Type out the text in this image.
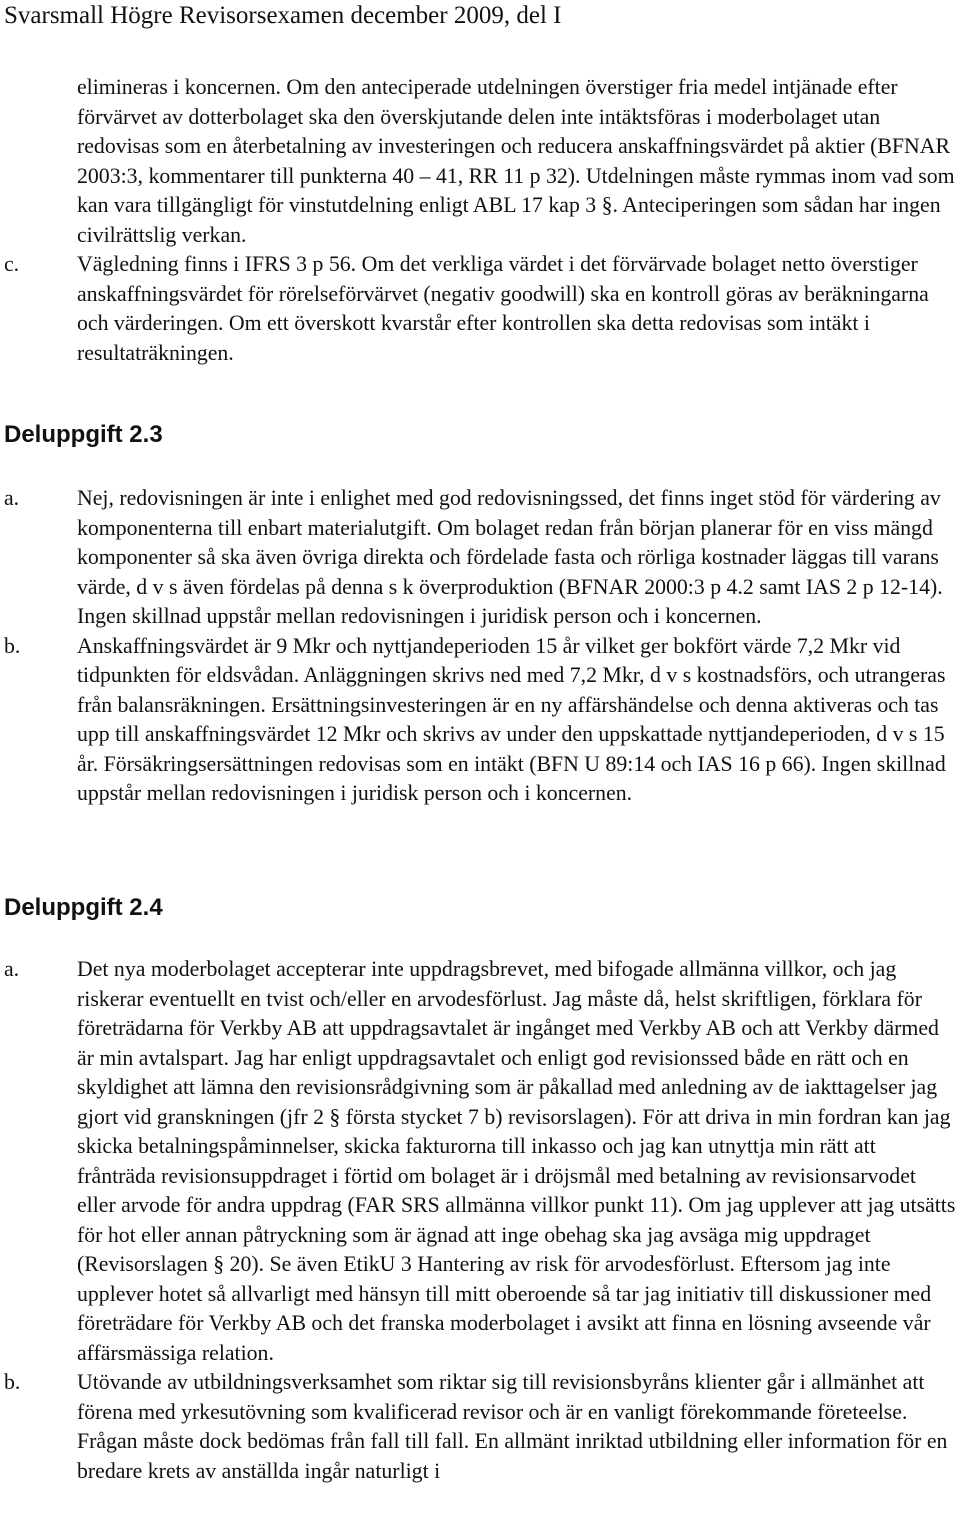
Svarsmall Högre Revisorsexamen december 2009, del I

elimineras i koncernen. Om den anteciperade utdelningen överstiger fria medel intjänade efter förvärvet av dotterbolaget ska den överskjutande delen inte intäktsföras i moderbolaget utan redovisas som en återbetalning av investeringen och reducera anskaffningsvärdet på aktier (BFNAR 2003:3, kommentarer till punkterna 40 – 41, RR 11 p 32). Utdelningen måste rymmas inom vad som kan vara tillgängligt för vinstutdelning enligt ABL 17 kap 3 §. Anteciperingen som sådan har ingen civilrättslig verkan.

c.	Vägledning finns i IFRS 3 p 56. Om det verkliga värdet i det förvärvade bolaget netto överstiger anskaffningsvärdet för rörelseförvärvet (negativ goodwill) ska en kontroll göras av beräkningarna och värderingen. Om ett överskott kvarstår efter kontrollen ska detta redovisas som intäkt i resultaträkningen.

Deluppgift 2.3
a.	Nej, redovisningen är inte i enlighet med god redovisningssed, det finns inget stöd för värdering av komponenterna till enbart materialutgift. Om bolaget redan från början planerar för en viss mängd komponenter så ska även övriga direkta och fördelade fasta och rörliga kostnader läggas till varans värde, d v s även fördelas på denna s k överproduktion (BFNAR 2000:3 p 4.2 samt IAS 2 p 12-14). Ingen skillnad uppstår mellan redovisningen i juridisk person och i koncernen.

b.	Anskaffningsvärdet är 9 Mkr och nyttjandeperioden 15 år vilket ger bokfört värde 7,2 Mkr vid tidpunkten för eldsvådan. Anläggningen skrivs ned med 7,2 Mkr, d v s kostnadsförs, och utrangeras från balansräkningen. Ersättningsinvesteringen är en ny affärshändelse och denna aktiveras och tas upp till anskaffningsvärdet 12 Mkr och skrivs av under den uppskattade nyttjandeperioden, d v s 15 år. Försäkringsersättningen redovisas som en intäkt (BFN U 89:14 och IAS 16 p 66). Ingen skillnad uppstår mellan redovisningen i juridisk person och i koncernen.

Deluppgift 2.4
a.	Det nya moderbolaget accepterar inte uppdragsbrevet, med bifogade allmänna villkor, och jag riskerar eventuellt en tvist och/eller en arvodesförlust. Jag måste då, helst skriftligen, förklara för företrädarna för Verkby AB att uppdragsavtalet är ingånget med Verkby AB och att Verkby därmed är min avtalspart. Jag har enligt uppdragsavtalet och enligt god revisionssed både en rätt och en skyldighet att lämna den revisionsrådgivning som är påkallad med anledning av de iakttagelser jag gjort vid granskningen (jfr 2 § första stycket 7 b) revisorslagen). För att driva in min fordran kan jag skicka betalningspåminnelser, skicka fakturorna till inkasso och jag kan utnyttja min rätt att frånträda revisionsuppdraget i förtid om bolaget är i dröjsmål med betalning av revisionsarvodet eller arvode för andra uppdrag (FAR SRS allmänna villkor punkt 11). Om jag upplever att jag utsätts för hot eller annan påtryckning som är ägnad att inge obehag ska jag avsäga mig uppdraget (Revisorslagen § 20). Se även EtikU 3 Hantering av risk för arvodesförlust. Eftersom jag inte upplever hotet så allvarligt med hänsyn till mitt oberoende så tar jag initiativ till diskussioner med företrädare för Verkby AB och det franska moderbolaget i avsikt att finna en lösning avseende vår affärsmässiga relation.

b.	Utövande av utbildningsverksamhet som riktar sig till revisionsbyråns klienter går i allmänhet att förena med yrkesutövning som kvalificerad revisor och är en vanligt förekommande företeelse. Frågan måste dock bedömas från fall till fall. En allmänt inriktad utbildning eller information för en bredare krets av anställda ingår naturligt i
